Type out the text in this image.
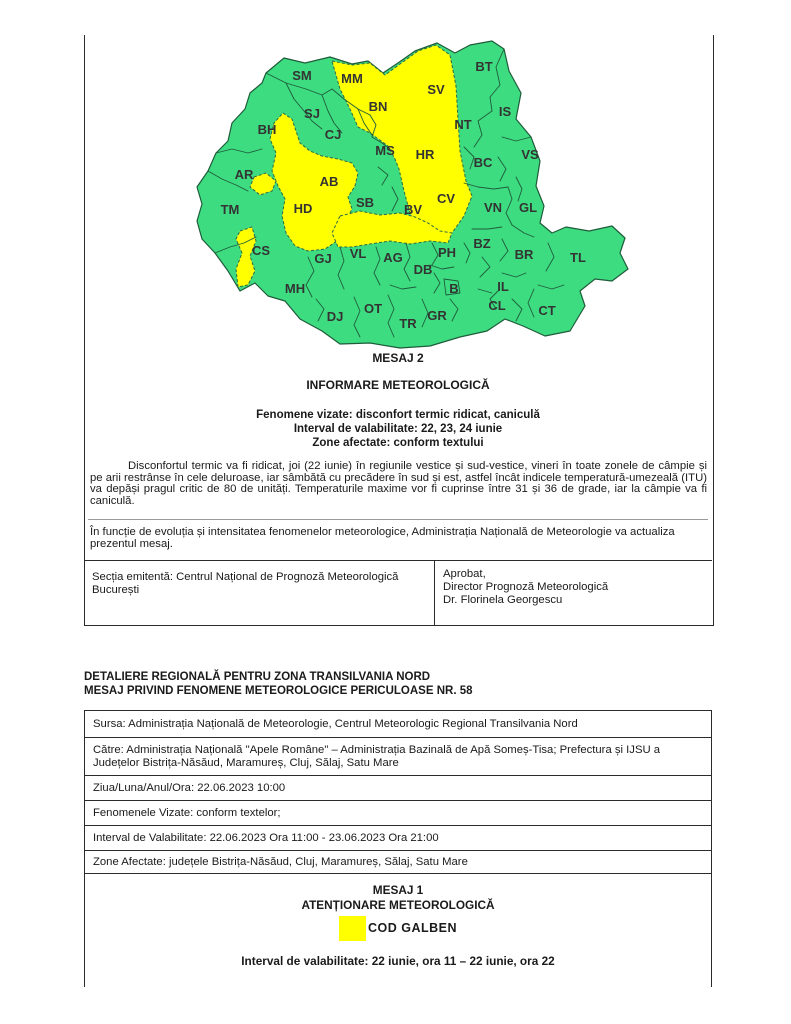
SM MM
BT
SV
SJ	BN	IS
BH	CJ
NT
MS HR	VS
BC
AR	AB
TM	HD	SB BV
CV
VN GL
CS
GJ VL AG	PH
DB
BZ
BR	TL
MH	B	IL
DJ
OT
TR
GR
CL	CT
MESAJ 2
INFORMARE METEOROLOGICĂ
Fenomene vizate: disconfort termic ridicat, caniculă
Interval de valabilitate: 22, 23, 24 iunie
Zone afectate: conform textului
Disconfortul termic va fi ridicat, joi (22 iunie) în regiunile vestice și sud-vestice, vineri în toate zonele de câmpie și pe arii restrânse în cele deluroase, iar sâmbătă cu precădere în sud și est, astfel încât indicele temperatură-umezeală (ITU) va depăși pragul critic de 80 de unități. Temperaturile maxime vor fi cuprinse între 31 și 36 de grade, iar la câmpie va fi caniculă.
În funcție de evoluția și intensitatea fenomenelor meteorologice, Administrația Națională de Meteorologie va actualiza prezentul mesaj.
Secția emitentă: Centrul Național de Prognoză Meteorologică București
Aprobat,
Director Prognoză Meteorologică
Dr. Florinela Georgescu
DETALIERE REGIONALĂ PENTRU ZONA TRANSILVANIA NORD
MESAJ PRIVIND FENOMENE METEOROLOGICE PERICULOASE NR. 58
Sursa: Administrația Națională de Meteorologie, Centrul Meteorologic Regional Transilvania Nord
Către: Administrația Națională "Apele Române" – Administrația Bazinală de Apă Someș-Tisa; Prefectura și IJSU a Județelor Bistrița-Năsăud, Maramureș, Cluj, Sălaj, Satu Mare
Ziua/Luna/Anul/Ora: 22.06.2023 10:00
Fenomenele Vizate: conform textelor;
Interval de Valabilitate: 22.06.2023 Ora 11:00 - 23.06.2023 Ora 21:00
Zone Afectate: județele Bistrița-Năsăud, Cluj, Maramureș, Sălaj, Satu Mare
MESAJ 1
ATENȚIONARE METEOROLOGICĂ
COD GALBEN
Interval de valabilitate: 22 iunie, ora 11 – 22 iunie, ora 22
